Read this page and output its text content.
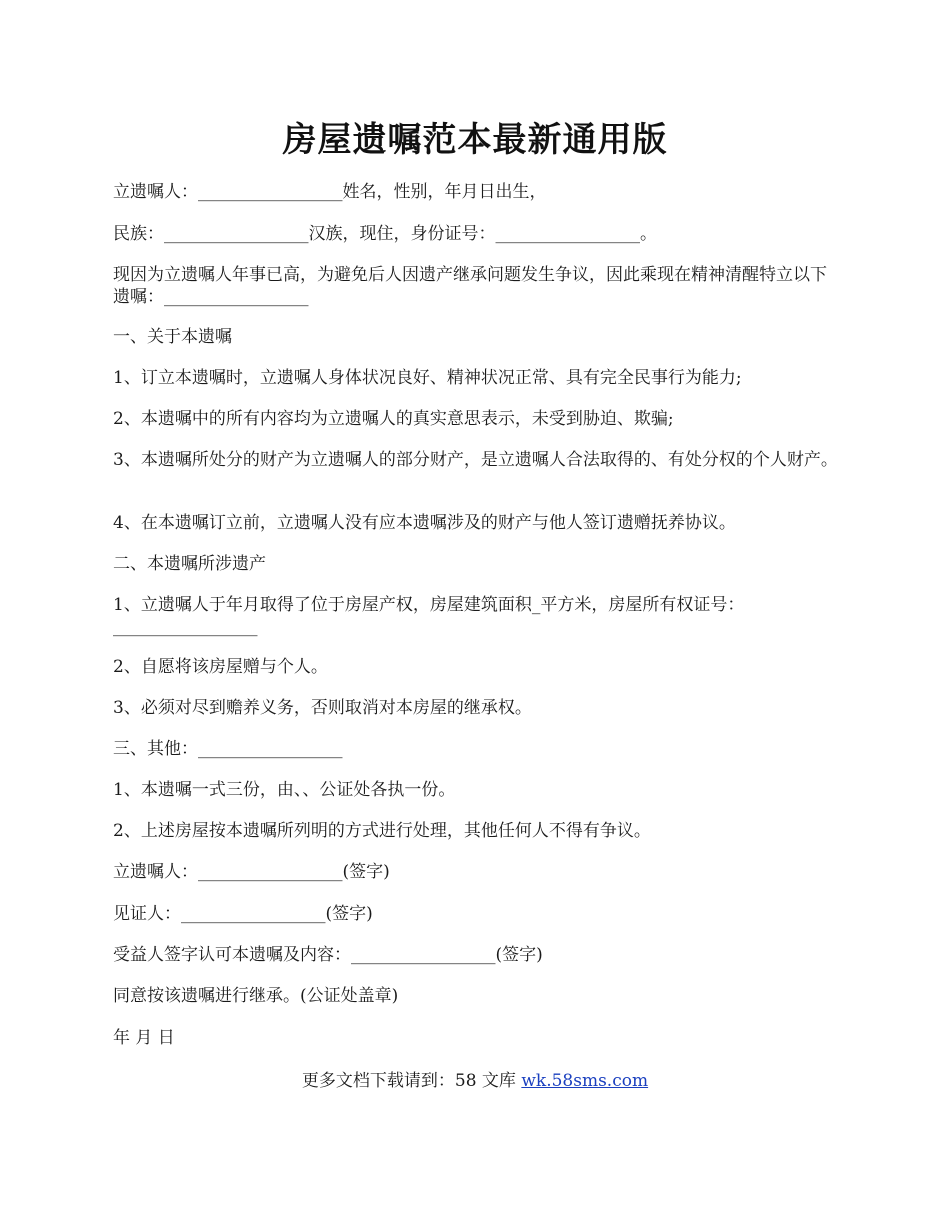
房屋遗嘱范本最新通用版
立遗嘱人：_________________姓名，性别，年月日出生，
民族：_________________汉族，现住，身份证号：_________________。
现因为立遗嘱人年事已高，为避免后人因遗产继承问题发生争议，因此乘现在精神清醒特立以下遗嘱：_________________
一、关于本遗嘱
1、订立本遗嘱时，立遗嘱人身体状况良好、精神状况正常、具有完全民事行为能力;
2、本遗嘱中的所有内容均为立遗嘱人的真实意思表示，未受到胁迫、欺骗;
3、本遗嘱所处分的财产为立遗嘱人的部分财产，是立遗嘱人合法取得的、有处分权的个人财产。
4、在本遗嘱订立前，立遗嘱人没有应本遗嘱涉及的财产与他人签订遗赠抚养协议。
二、本遗嘱所涉遗产
1、立遗嘱人于年月取得了位于房屋产权，房屋建筑面积_平方米，房屋所有权证号：_________________
2、自愿将该房屋赠与个人。
3、必须对尽到赡养义务，否则取消对本房屋的继承权。
三、其他：_________________
1、本遗嘱一式三份，由、、公证处各执一份。
2、上述房屋按本遗嘱所列明的方式进行处理，其他任何人不得有争议。
立遗嘱人：_________________(签字)
见证人：_________________(签字)
受益人签字认可本遗嘱及内容：_________________(签字)
同意按该遗嘱进行继承。(公证处盖章)
年 月 日
更多文档下载请到：58 文库 wk.58sms.com
